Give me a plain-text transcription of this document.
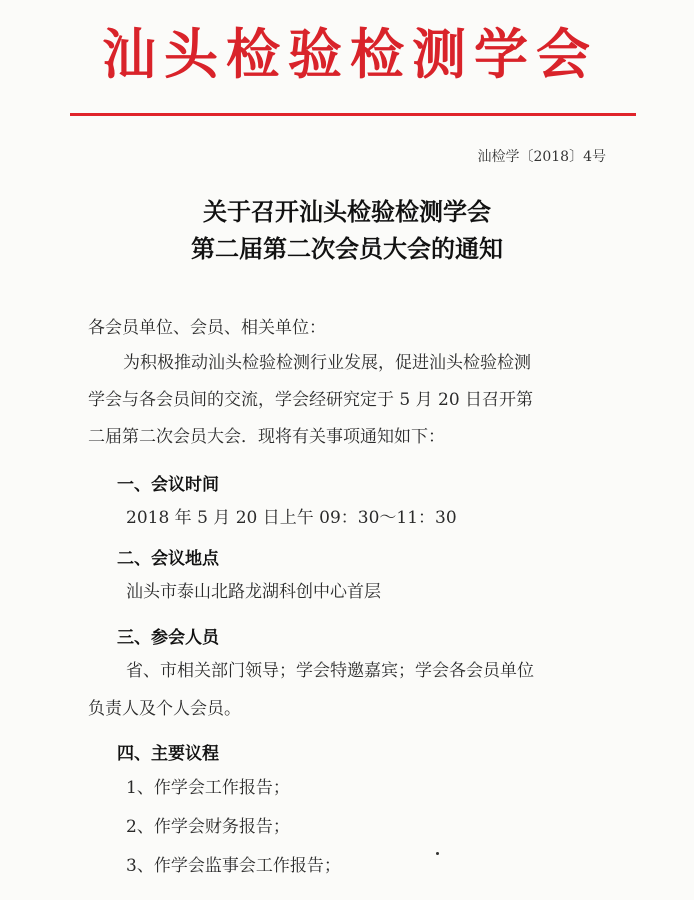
汕头检验检测学会
汕检学〔2018〕4号
关于召开汕头检验检测学会
第二届第二次会员大会的通知
各会员单位、会员、相关单位：
为积极推动汕头检验检测行业发展，促进汕头检验检测
学会与各会员间的交流，学会经研究定于 5 月 20 日召开第
二届第二次会员大会．现将有关事项通知如下：
一、会议时间
2018 年 5 月 20 日上午 09：30～11：30
二、会议地点
汕头市泰山北路龙湖科创中心首层
三、参会人员
省、市相关部门领导；学会特邀嘉宾；学会各会员单位
负责人及个人会员。
四、主要议程
1、作学会工作报告；
2、作学会财务报告；
3、作学会监事会工作报告；
